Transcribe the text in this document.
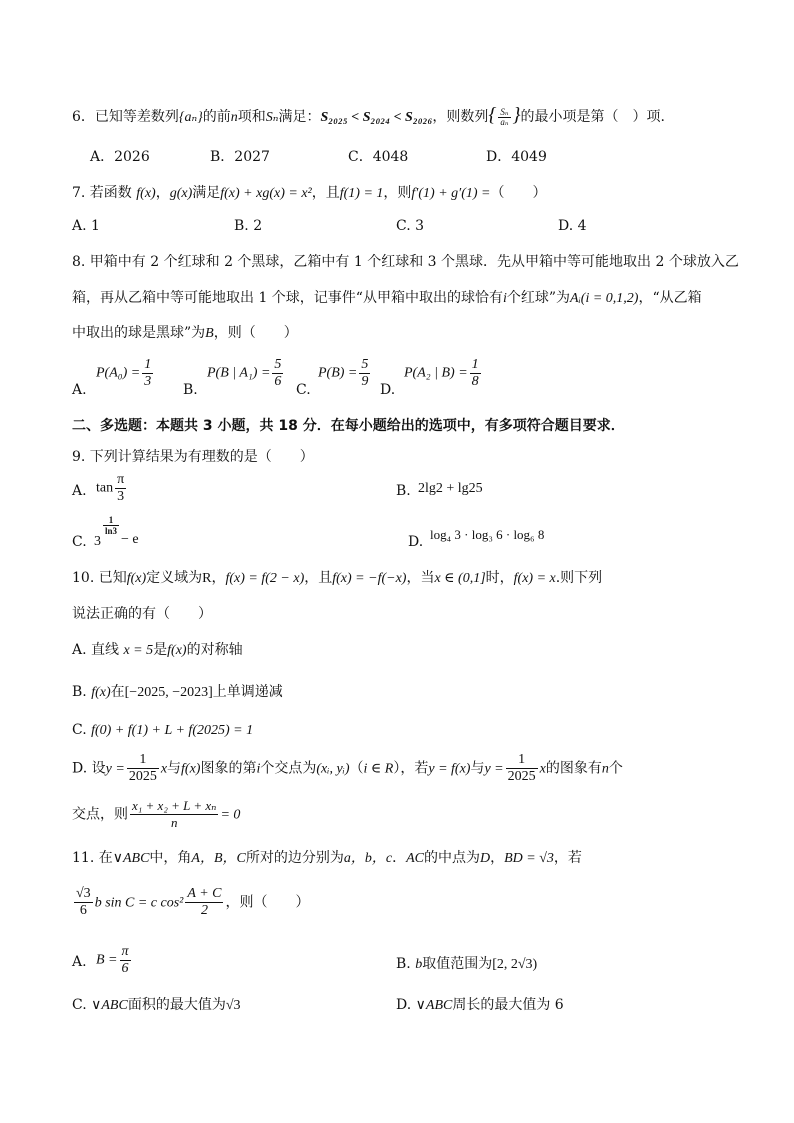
6．已知等差数列{aₙ}的前n项和Sₙ满足：S₂₀₂₅ < S₂₀₂₄ < S₂₀₂₆，则数列{ $\frac{\text{Sₙ}}{\text{aₙ}}$ }的最小项是第（　）项.
A．2026	B．2027	C．4048	D．4049
7. 若函数 f(x)，g(x)满足f(x) + xg(x) = x²，且f(1) = 1，则f′(1) + g′(1) =（　　）
A. 1	B. 2	C. 3	D. 4
8. 甲箱中有 2 个红球和 2 个黑球，乙箱中有 1 个红球和 3 个黑球．先从甲箱中等可能地取出 2 个球放入乙
箱，再从乙箱中等可能地取出 1 个球，记事件“从甲箱中取出的球恰有i个红球”为Aᵢ(i = 0,1,2)，“从乙箱
中取出的球是黑球”为B，则（　　）
A.
$P(A_0) = \frac{1}{3} B$.
P(B | $A_1) = \frac{5}{6} C$.
$P(B) = \frac{5}{9} D$.
P(A₂ | $B) = \frac{1}{8}$
二、多选题：本题共 3 小题，共 18 分．在每小题给出的选项中，有多项符合题目要求．
9. 下列计算结果为有理数的是（　　）
A. $\tan \frac{\pi}{3}$	B. 2lg2 + lg25
C. 3
$\frac{1}{\ln 3}$
− e	D. log₄ 3 · log₃ 6 · log₆ 8
10. 已知f(x)定义域为R，f(x) = f(2 − x)，且f(x) = −f(−x)，当x ∈ (0,1]时，f(x) = x.则下列
说法正确的有（　　）
A. 直线 x = 5是f(x)的对称轴
B. f(x)在[−2025, −2023]上单调递减
C. f(0) + f(1) + L + f(2025) = 1
D. 设$y = \frac{1}{2025}$ x与f(x)图象的第i个交点为(xᵢ, yᵢ)（i ∈ R），若y = f(x)与$y = \frac{1}{2025}$ x的图象有n个
交点，则 $\frac{\text{x₁ + x₂ + L + xₙ}}{n} = 0$
11. 在∨ABC中，角A，B，C所对的边分别为a，b，c．AC的中点为D，BD = √3，若
$\frac{√3}{6}$ b sin C = c $\cos^2 \frac{A + C}{2}$ ，则（　　）
A. $B = \frac{\pi}{6}$	B. b取值范围为[2, 2√3)
C. ∨ABC面积的最大值为√3	D. ∨ABC周长的最大值为 6
